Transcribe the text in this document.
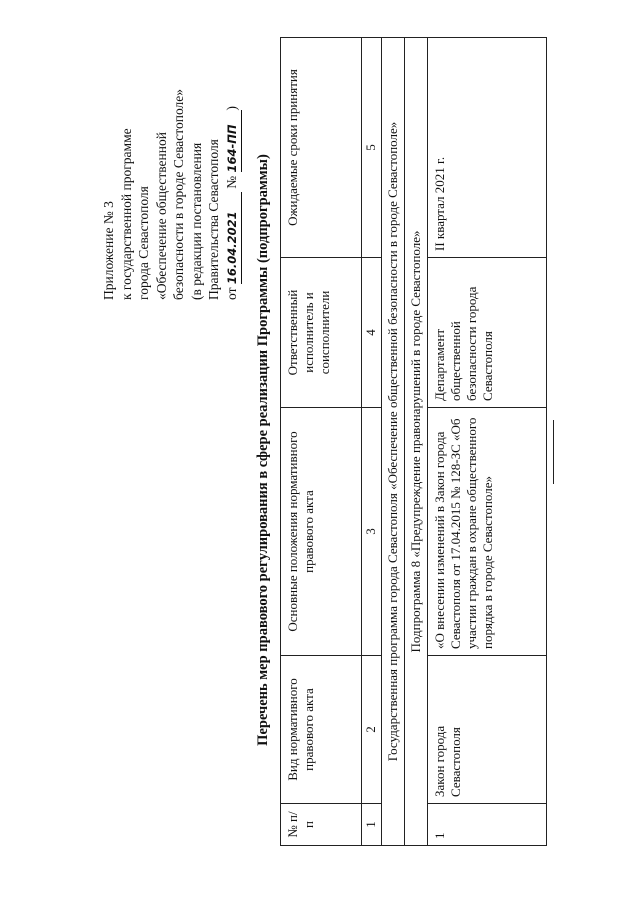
Приложение № 3 к государственной программе города Севастополя «Обеспечение общественной безопасности в городе Севастополе» (в редакции постановления Правительства Севастополя от 16.04.2021 № 164-ПП)
Перечень мер правового регулирования в сфере реализации Программы (подпрограммы)
№ п/п	Вид нормативного правового акта	Основные положения нормативного правового акта	Ответственный исполнитель и соисполнители	Ожидаемые сроки принятия
1	2	3	4	5
Государственная программа города Севастополя «Обеспечение общественной безопасности в городе Севастополе»				
Подпрограмма 8 «Предупреждение правонарушений в городе Севастополе»				
1	Закон города Севастополя	«О внесении изменений в Закон города Севастополя от 17.04.2015 № 128-ЗС «Об участии граждан в охране общественного порядка в городе Севастополе»	Департамент общественной безопасности города Севастополя	II квартал 2021 г.
